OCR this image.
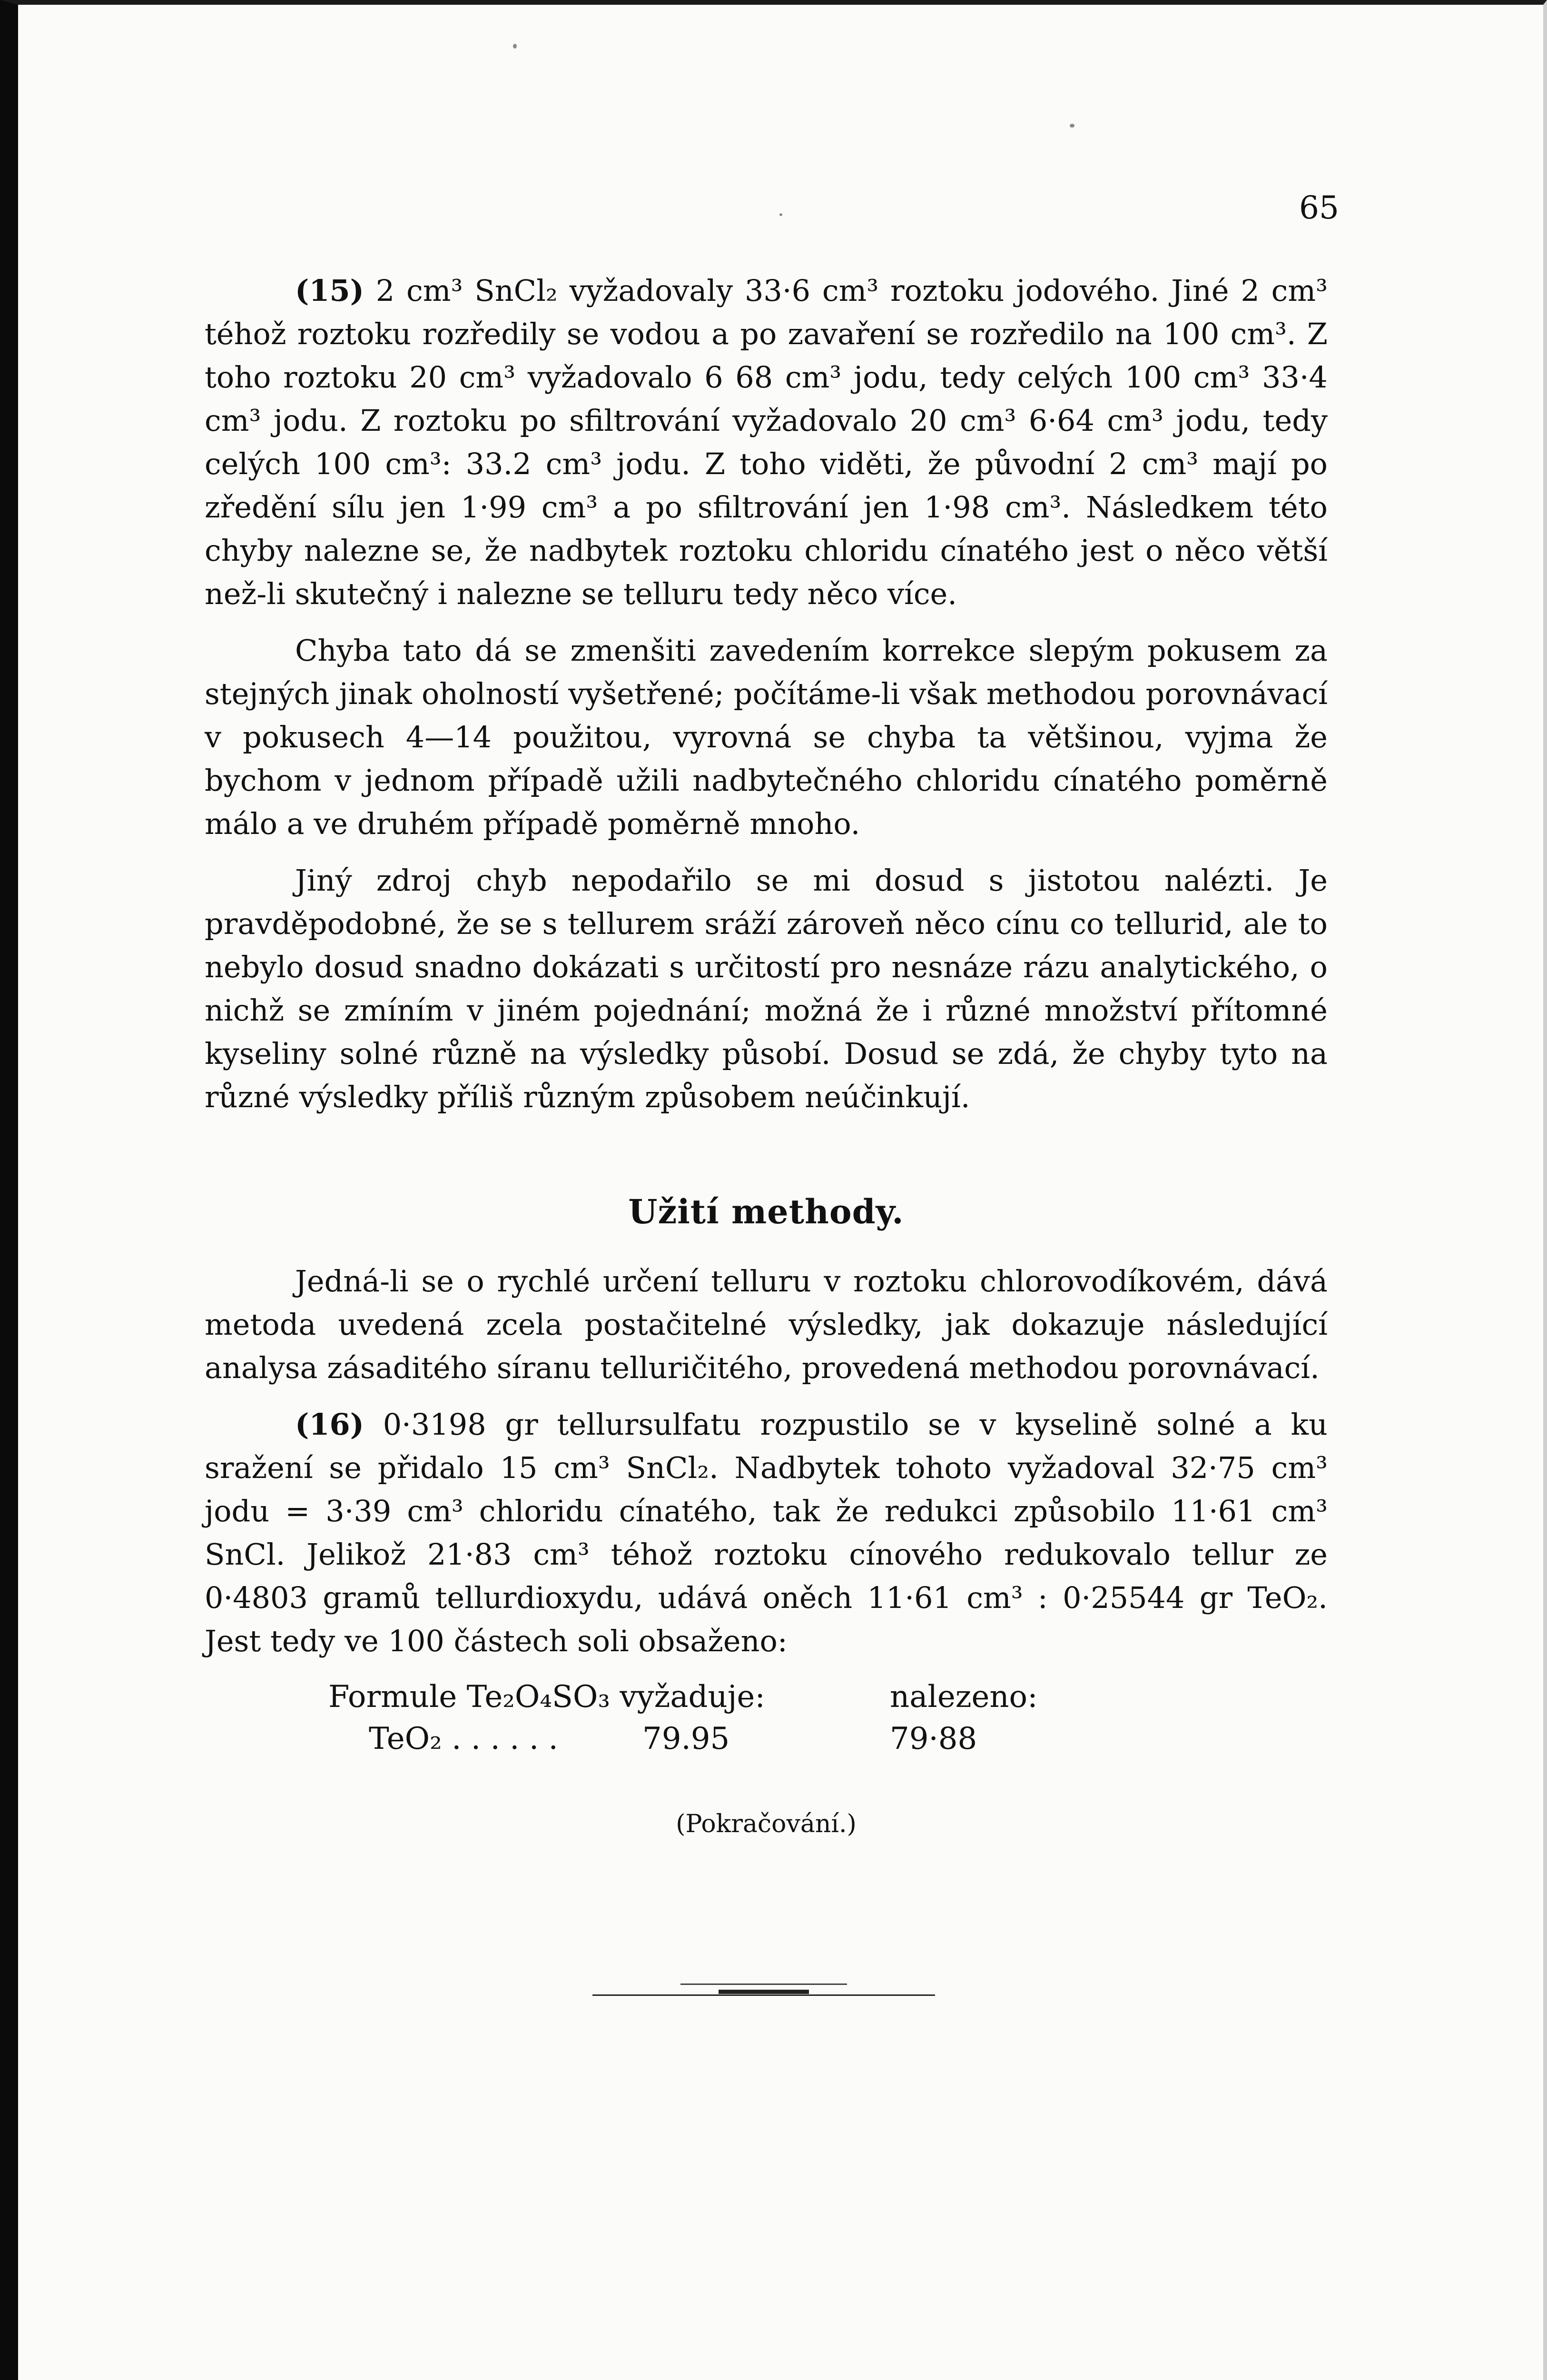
65

(15) 2 cm³ SnCl₂ vyžadovaly 33·6 cm³ roztoku jodového. Jiné 2 cm³ téhož roztoku rozředily se vodou a po zavaření se rozředilo na 100 cm³. Z toho roztoku 20 cm³ vyžadovalo 6 68 cm³ jodu, tedy celých 100 cm³ 33·4 cm³ jodu. Z roztoku po sfiltrování vyžadovalo 20 cm³ 6·64 cm³ jodu, tedy celých 100 cm³: 33.2 cm³ jodu. Z toho viděti, že původní 2 cm³ mají po zředění sílu jen 1·99 cm³ a po sfiltrování jen 1·98 cm³. Následkem této chyby nalezne se, že nadbytek roztoku chloridu cínatého jest o něco větší než-li skutečný i nalezne se telluru tedy něco více.

Chyba tato dá se zmenšiti zavedením korrekce slepým pokusem za stejných jinak oholností vyšetřené; počítáme-li však methodou porovnávací v pokusech 4—14 použitou, vyrovná se chyba ta většinou, vyjma že bychom v jednom případě užili nadbytečného chloridu cínatého poměrně málo a ve druhém případě poměrně mnoho.

Jiný zdroj chyb nepodařilo se mi dosud s jistotou nalézti. Je pravděpodobné, že se s tellurem sráží zároveň něco cínu co tellurid, ale to nebylo dosud snadno dokázati s určitostí pro nesnáze rázu analytického, o nichž se zmíním v jiném pojednání; možná že i různé množství přítomné kyseliny solné různě na výsledky působí. Dosud se zdá, že chyby tyto na různé výsledky příliš různým způsobem neúčinkují.

Užití methody.

Jedná-li se o rychlé určení telluru v roztoku chlorovodíkovém, dává metoda uvedená zcela postačitelné výsledky, jak dokazuje následující analysa zásaditého síranu telluričitého, provedená methodou porovnávací.

(16) 0·3198 gr tellursulfatu rozpustilo se v kyselině solné a ku sražení se přidalo 15 cm³ SnCl₂. Nadbytek tohoto vyžadoval 32·75 cm³ jodu = 3·39 cm³ chloridu cínatého, tak že redukci způsobilo 11·61 cm³ SnCl. Jelikož 21·83 cm³ téhož roztoku cínového redukovalo tellur ze 0·4803 gramů tellurdioxydu, udává oněch 11·61 cm³ : 0·25544 gr TeO₂. Jest tedy ve 100 částech soli obsaženo:

Formule Te₂O₄SO₃ vyžaduje:	nalezeno:
TeO₂ . . . . . .	79.95	79·88
(Pokračování.)
